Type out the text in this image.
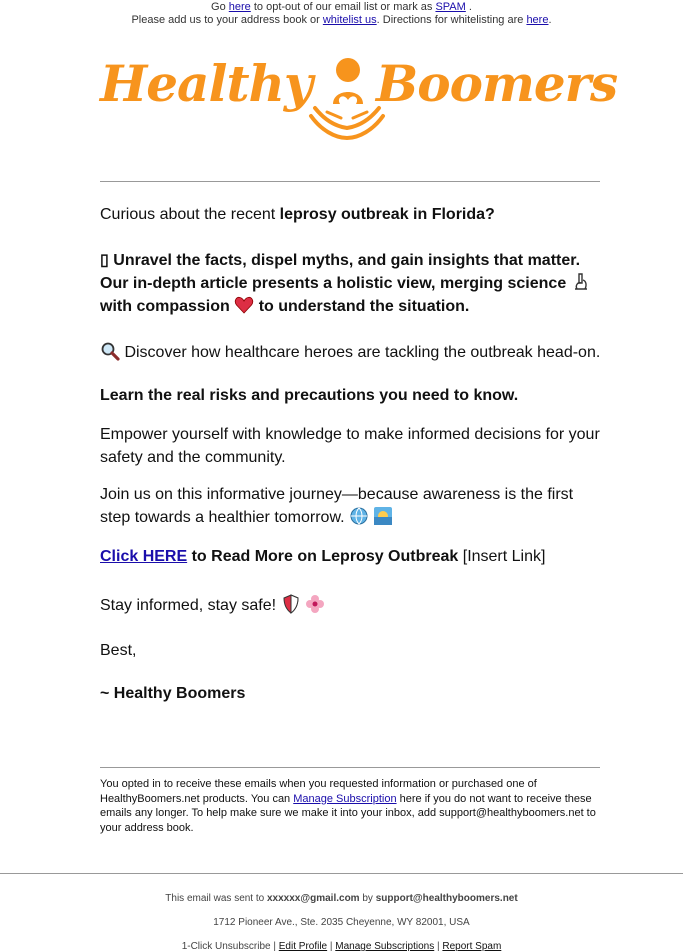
Go here to opt-out of our email list or mark as SPAM .
Please add us to your address book or whitelist us. Directions for whitelisting are here.
Healthy Boomers

Curious about the recent leprosy outbreak in Florida?

▯ Unravel the facts, dispel myths, and gain insights that matter. Our in-depth article presents a holistic view, merging science  with compassion  to understand the situation.

Discover how healthcare heroes are tackling the outbreak head-on.

Learn the real risks and precautions you need to know.

Empower yourself with knowledge to make informed decisions for your safety and the community.

Join us on this informative journey—because awareness is the first step towards a healthier tomorrow.

Click HERE to Read More on Leprosy Outbreak [Insert Link]

Stay informed, stay safe!

Best,

~ Healthy Boomers

You opted in to receive these emails when you requested information or purchased one of HealthyBoomers.net products. You can Manage Subscription here if you do not want to receive these emails any longer. To help make sure we make it into your inbox, add support@healthyboomers.net to your address book.
This email was sent to xxxxxx@gmail.com by support@healthyboomers.net
1712 Pioneer Ave., Ste. 2035 Cheyenne, WY 82001, USA
1-Click Unsubscribe | Edit Profile | Manage Subscriptions | Report Spam
